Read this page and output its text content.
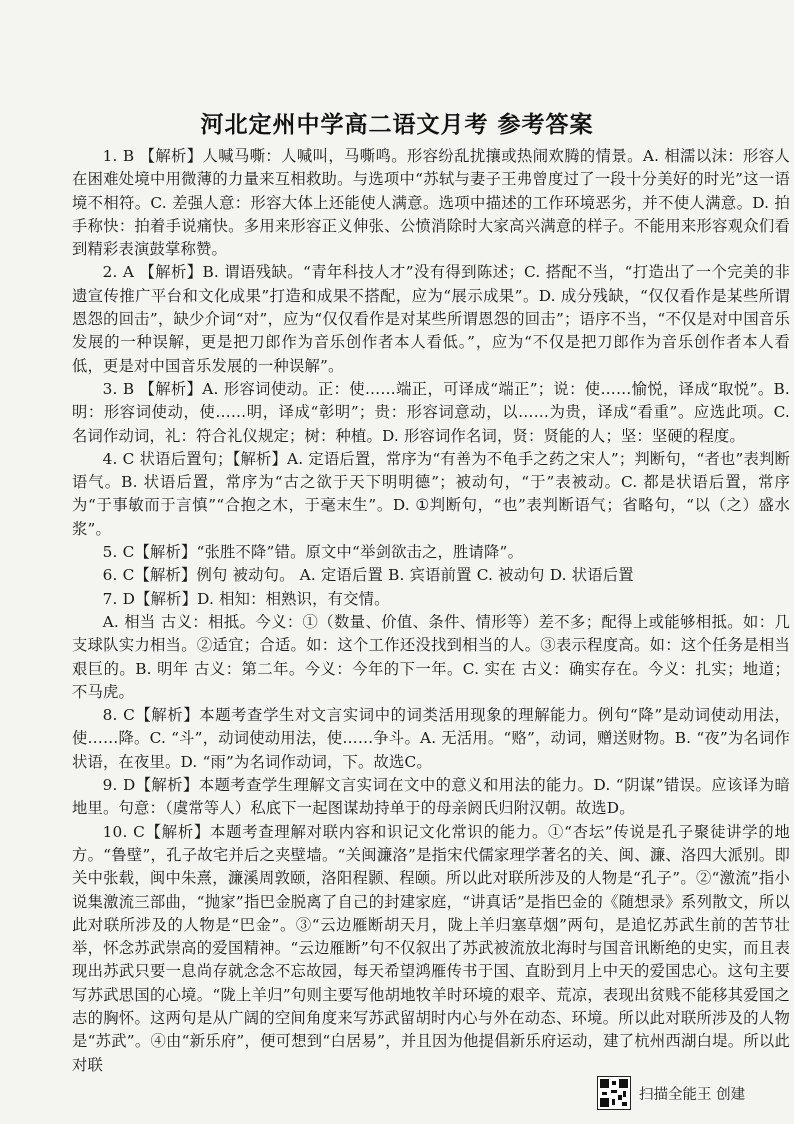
河北定州中学高二语文月考 参考答案

1. B 【解析】人喊马嘶：人喊叫，马嘶鸣。形容纷乱扰攘或热闹欢腾的情景。A. 相濡以沫：形容人在困难处境中用微薄的力量来互相救助。与选项中“苏轼与妻子王弗曾度过了一段十分美好的时光”这一语境不相符。C. 差强人意：形容大体上还能使人满意。选项中描述的工作环境恶劣，并不使人满意。D. 拍手称快：拍着手说痛快。多用来形容正义伸张、公愤消除时大家高兴满意的样子。不能用来形容观众们看到精彩表演鼓掌称赞。

2. A 【解析】B. 谓语残缺。“青年科技人才”没有得到陈述；C. 搭配不当，“打造出了一个完美的非遗宣传推广平台和文化成果”打造和成果不搭配，应为“展示成果”。D. 成分残缺，“仅仅看作是某些所谓恩怨的回击”，缺少介词“对”，应为“仅仅看作是对某些所谓恩怨的回击”；语序不当，“不仅是对中国音乐发展的一种误解，更是把刀郎作为音乐创作者本人看低。”，应为“不仅是把刀郎作为音乐创作者本人看低，更是对中国音乐发展的一种误解”。

3. B 【解析】A. 形容词使动。正：使……端正，可译成“端正”；说：使……愉悦，译成“取悦”。B. 明：形容词使动，使……明，译成“彰明”；贵：形容词意动，以……为贵，译成“看重”。应选此项。C. 名词作动词，礼：符合礼仪规定；树：种植。D. 形容词作名词，贤：贤能的人；坚：坚硬的程度。

4. C 状语后置句；【解析】A. 定语后置，常序为“有善为不龟手之药之宋人”；判断句，“者也”表判断语气。B. 状语后置，常序为“古之欲于天下明明德”；被动句，“于”表被动。C. 都是状语后置，常序为“于事敏而于言慎”“合抱之木，于毫末生”。D. ①判断句，“也”表判断语气；省略句，“以（之）盛水浆”。

5. C【解析】“张胜不降”错。原文中“举剑欲击之，胜请降”。

6. C【解析】例句 被动句。 A. 定语后置 B. 宾语前置 C. 被动句 D. 状语后置

7. D【解析】D. 相知：相熟识，有交情。

A. 相当 古义：相抵。今义：①（数量、价值、条件、情形等）差不多；配得上或能够相抵。如：几支球队实力相当。②适宜；合适。如：这个工作还没找到相当的人。③表示程度高。如：这个任务是相当艰巨的。B. 明年 古义：第二年。今义：今年的下一年。C. 实在 古义：确实存在。今义：扎实；地道；不马虎。

8. C【解析】本题考查学生对文言实词中的词类活用现象的理解能力。例句“降”是动词使动用法，使……降。C. “斗”，动词使动用法，使……争斗。A. 无活用。“赂”，动词，赠送财物。B. “夜”为名词作状语，在夜里。D. “雨”为名词作动词，下。故选C。

9. D【解析】本题考查学生理解文言实词在文中的意义和用法的能力。D. “阴谋”错误。应该译为暗地里。句意：（虞常等人）私底下一起图谋劫持单于的母亲阏氏归附汉朝。故选D。

10. C【解析】本题考查理解对联内容和识记文化常识的能力。①“杏坛”传说是孔子聚徒讲学的地方。“鲁壁”，孔子故宅并后之夹壁墙。“关闽濂洛”是指宋代儒家理学著名的关、闽、濂、洛四大派别。即关中张载，闽中朱熹，濂溪周敦颐，洛阳程颢、程颐。所以此对联所涉及的人物是“孔子”。②“激流”指小说集激流三部曲，“抛家”指巴金脱离了自己的封建家庭，“讲真话”是指巴金的《随想录》系列散文，所以此对联所涉及的人物是“巴金”。③“云边雁断胡天月，陇上羊归塞草烟”两句，是追忆苏武生前的苦节壮举，怀念苏武崇高的爱国精神。“云边雁断”句不仅叙出了苏武被流放北海时与国音讯断绝的史实，而且表现出苏武只要一息尚存就念念不忘故园，每天希望鸿雁传书于国、直盼到月上中天的爱国忠心。这句主要写苏武思国的心境。“陇上羊归”句则主要写他胡地牧羊时环境的艰辛、荒凉，表现出贫贱不能移其爱国之志的胸怀。这两句是从广阔的空间角度来写苏武留胡时内心与外在动态、环境。所以此对联所涉及的人物是“苏武”。④由“新乐府”，便可想到“白居易”，并且因为他提倡新乐府运动，建了杭州西湖白堤。所以此对联

扫描全能王 创建
